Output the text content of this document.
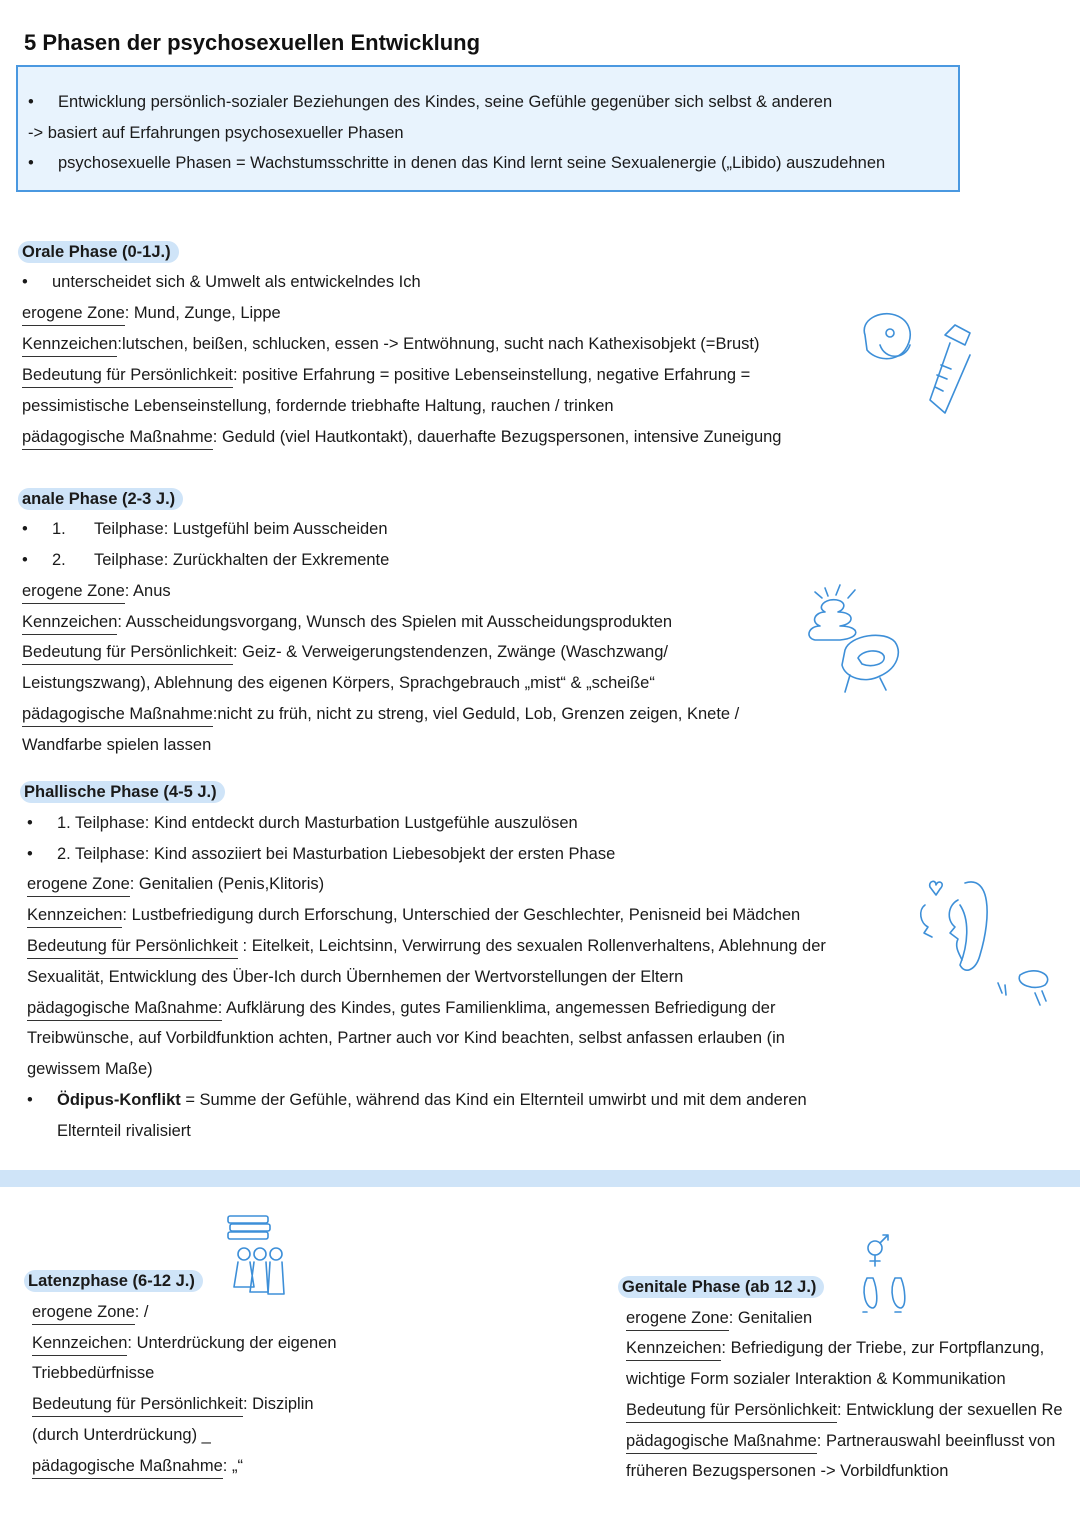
5 Phasen der psychosexuellen Entwicklung
• Entwicklung persönlich-sozialer Beziehungen des Kindes, seine Gefühle gegenüber sich selbst & anderen
-> basiert auf Erfahrungen psychosexueller Phasen
• psychosexuelle Phasen = Wachstumsschritte in denen das Kind lernt seine Sexualenergie („Libido) auszudehnen
Orale Phase (0-1J.)
• unterscheidet sich & Umwelt als entwickelndes Ich
erogene Zone: Mund, Zunge, Lippe
Kennzeichen:lutschen, beißen, schlucken, essen -> Entwöhnung, sucht nach Kathexisobjekt (=Brust)
Bedeutung für Persönlichkeit: positive Erfahrung = positive Lebenseinstellung, negative Erfahrung =
pessimistische Lebenseinstellung, fordernde triebhafte Haltung, rauchen / trinken
pädagogische Maßnahme: Geduld (viel Hautkontakt), dauerhafte Bezugspersonen, intensive Zuneigung
anale Phase (2-3 J.)
• 1. Teilphase: Lustgefühl beim Ausscheiden
• 2. Teilphase: Zurückhalten der Exkremente
erogene Zone: Anus
Kennzeichen: Ausscheidungsvorgang, Wunsch des Spielen mit Ausscheidungsprodukten
Bedeutung für Persönlichkeit: Geiz- & Verweigerungstendenzen, Zwänge (Waschzwang/
Leistungszwang), Ablehnung des eigenen Körpers, Sprachgebrauch „mist“ & „scheiße“
pädagogische Maßnahme:nicht zu früh, nicht zu streng, viel Geduld, Lob, Grenzen zeigen, Knete /
Wandfarbe spielen lassen
Phallische Phase (4-5 J.)
• 1. Teilphase: Kind entdeckt durch Masturbation Lustgefühle auszulösen
• 2. Teilphase: Kind assoziiert bei Masturbation Liebesobjekt der ersten Phase
erogene Zone: Genitalien (Penis,Klitoris)
Kennzeichen: Lustbefriedigung durch Erforschung, Unterschied der Geschlechter, Penisneid bei Mädchen
Bedeutung für Persönlichkeit : Eitelkeit, Leichtsinn, Verwirrung des sexualen Rollenverhaltens, Ablehnung der
Sexualität, Entwicklung des Über-Ich durch Übernhemen der Wertvorstellungen der Eltern
pädagogische Maßnahme: Aufklärung des Kindes, gutes Familienklima, angemessen Befriedigung der
Treibwünsche, auf Vorbildfunktion achten, Partner auch vor Kind beachten, selbst anfassen erlauben (in
gewissem Maße)
• Ödipus-Konflikt = Summe der Gefühle, während das Kind ein Elternteil umwirbt und mit dem anderen
Elternteil rivalisiert
Latenzphase (6-12 J.)
erogene Zone: /
Kennzeichen: Unterdrückung der eigenen
Triebbedürfnisse
Bedeutung für Persönlichkeit: Disziplin
(durch Unterdrückung) _
pädagogische Maßnahme: „“
Genitale Phase (ab 12 J.)
erogene Zone: Genitalien
Kennzeichen: Befriedigung der Triebe, zur Fortpflanzung,
wichtige Form sozialer Interaktion & Kommunikation
Bedeutung für Persönlichkeit: Entwicklung der sexuellen Re
pädagogische Maßnahme: Partnerauswahl beeinflusst von
früheren Bezugspersonen -> Vorbildfunktion
